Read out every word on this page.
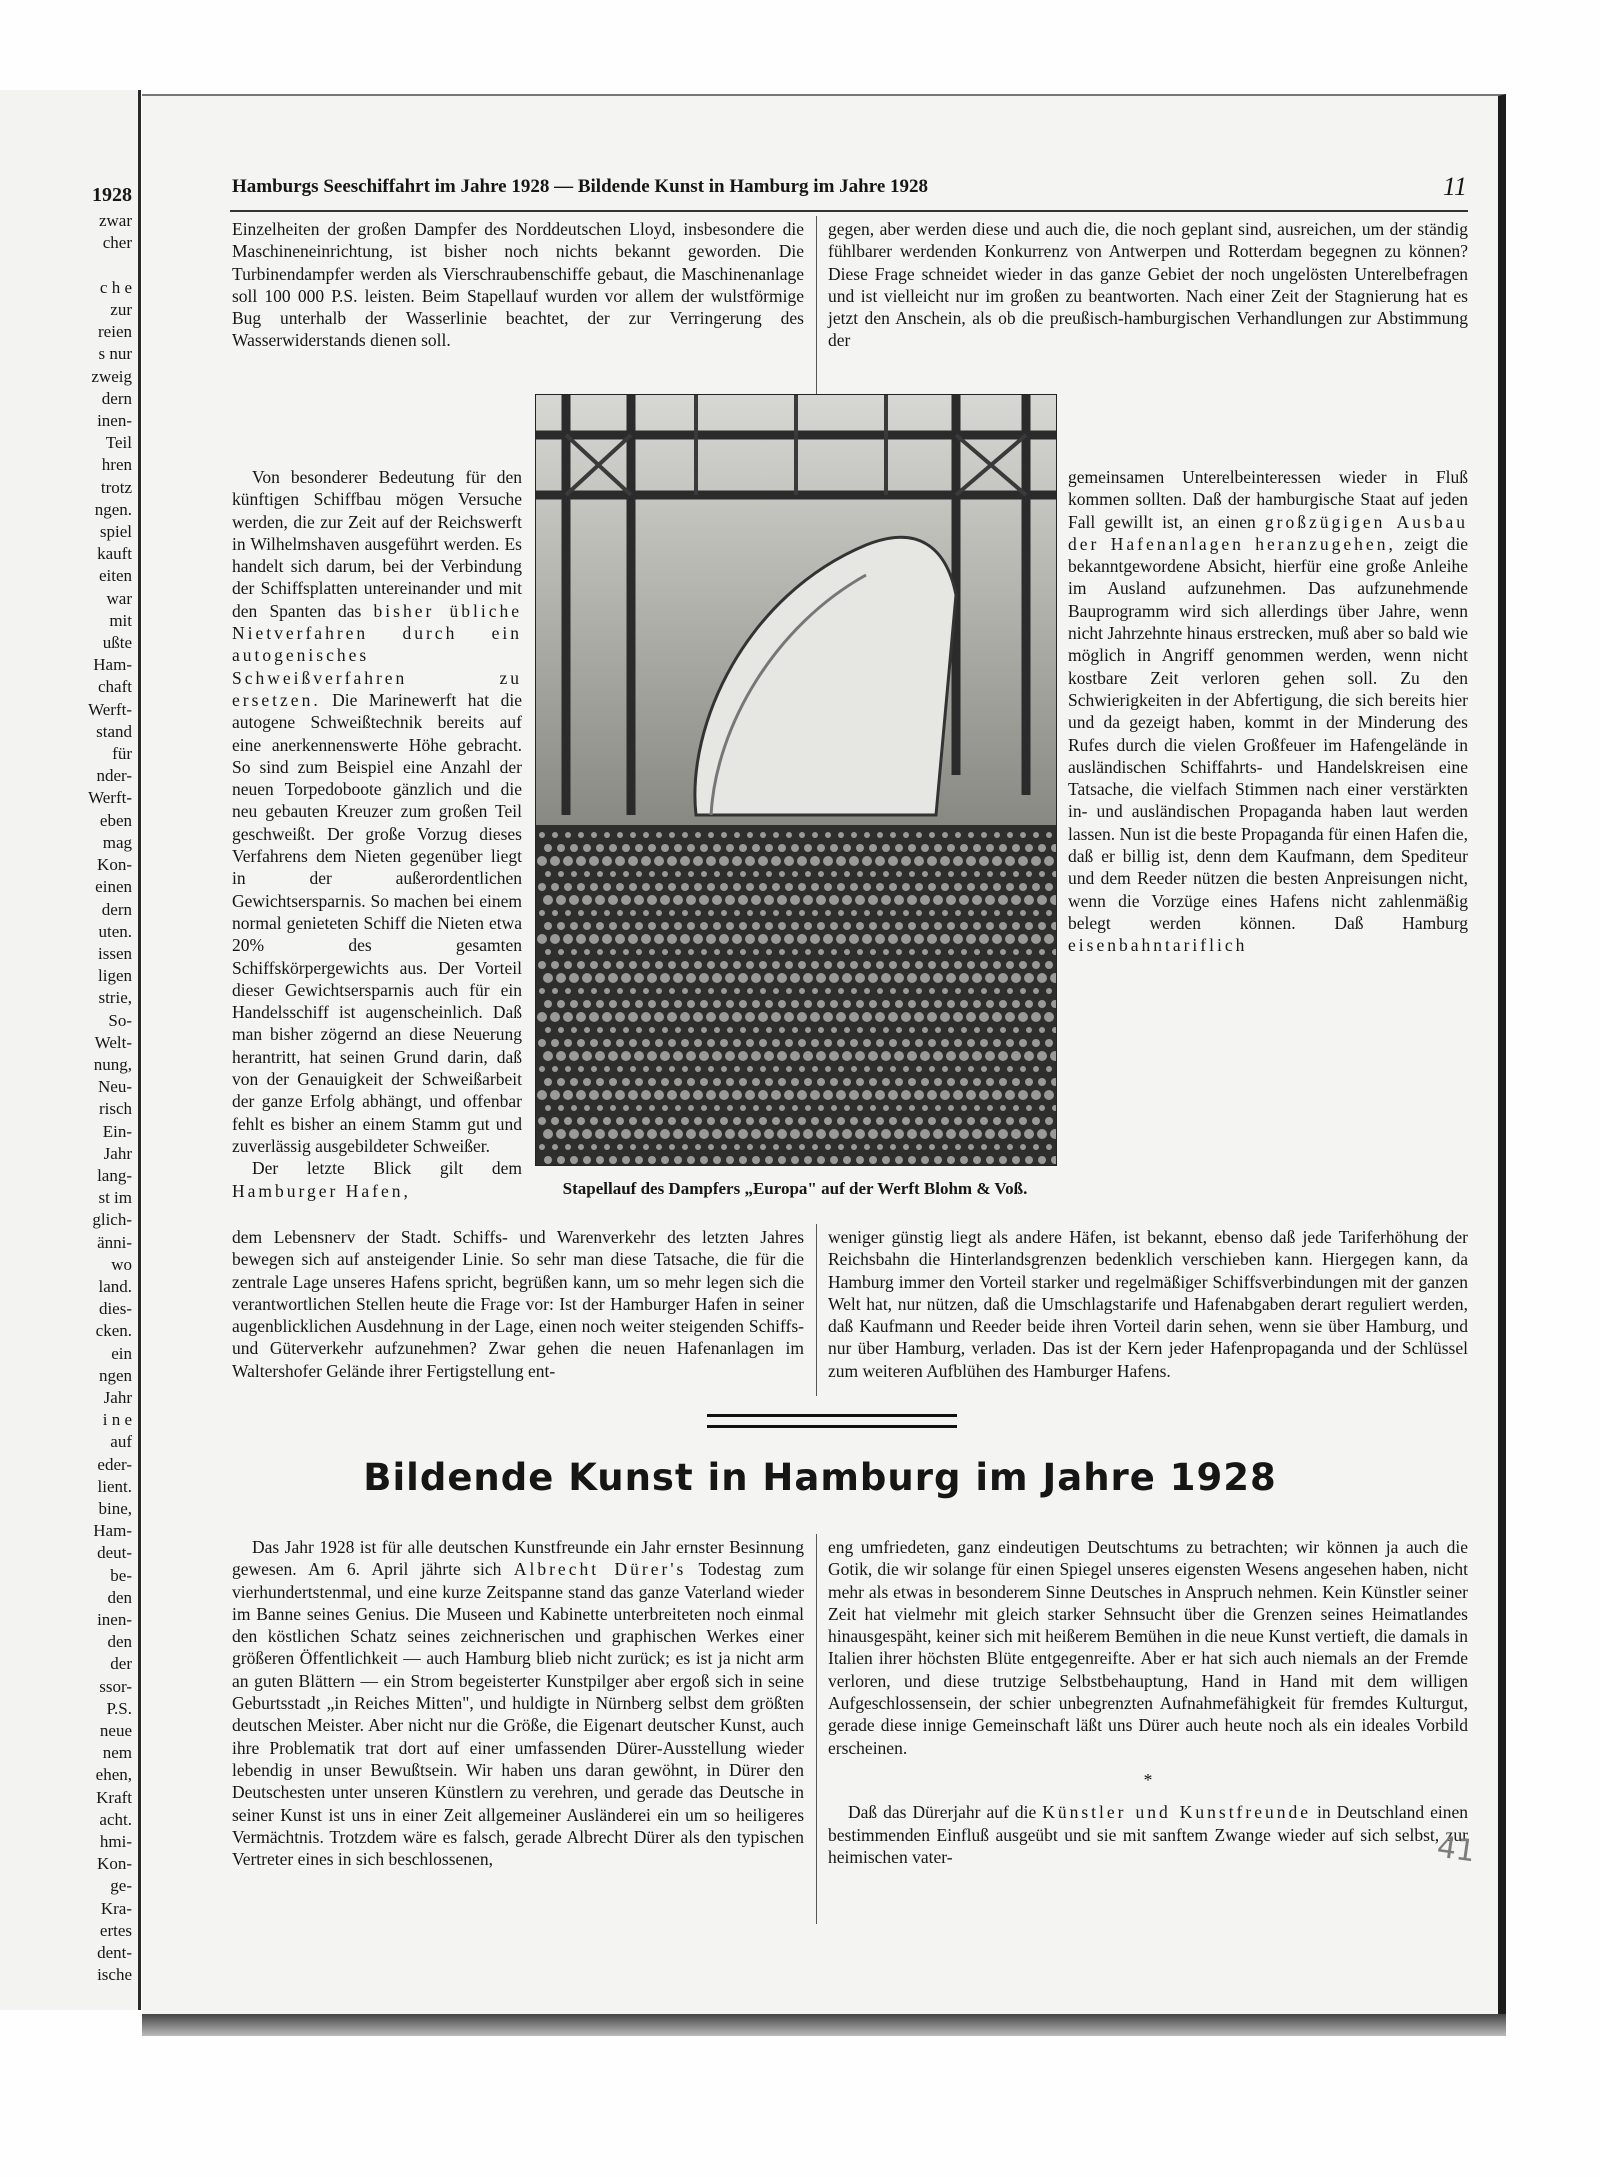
1928
zwar
cher

c h e
zur
reien
s nur
zweig
dern
inen-
Teil
hren
trotz
ngen.
spiel
kauft
eiten
war
mit
ußte
Ham-
chaft
Werft-
stand
für
nder-
Werft-
eben
mag
Kon-
einen
dern
uten.
issen
ligen
strie,
So-
Welt-
nung,
Neu-
risch
Ein-
Jahr
lang-
st im
glich-
änni-
wo
land.
dies-
cken.
ein
ngen
Jahr
i n e
auf
eder-
lient.
bine,
Ham-
deut-
be-
den
inen-
den
der
ssor-
P.S.
neue
nem
ehen,
Kraft
acht.
hmi-
Kon-
ge-
Kra-
ertes
dent-
ische
Hamburgs Seeschiffahrt im Jahre 1928 — Bildende Kunst in Hamburg im Jahre 1928	11

Einzelheiten der großen Dampfer des Norddeutschen Lloyd, insbesondere die Maschineneinrichtung, ist bisher noch nichts bekannt geworden. Die Turbinendampfer werden als Vierschraubenschiffe gebaut, die Maschinenanlage soll 100 000 P.S. leisten. Beim Stapellauf wurden vor allem der wulstförmige Bug unterhalb der Wasserlinie beachtet, der zur Verringerung des Wasserwiderstands dienen soll.

gegen, aber werden diese und auch die, die noch geplant sind, ausreichen, um der ständig fühlbarer werdenden Konkurrenz von Antwerpen und Rotterdam begegnen zu können? Diese Frage schneidet wieder in das ganze Gebiet der noch ungelösten Unterelbefragen und ist vielleicht nur im großen zu beantworten. Nach einer Zeit der Stagnierung hat es jetzt den Anschein, als ob die preußisch-hamburgischen Verhandlungen zur Abstimmung der

Von besonderer Bedeutung für den künftigen Schiffbau mögen Versuche werden, die zur Zeit auf der Reichswerft in Wilhelmshaven ausgeführt werden. Es handelt sich darum, bei der Verbindung der Schiffsplatten untereinander und mit den Spanten das bisher übliche Nietverfahren durch ein autogenisches Schweißverfahren zu ersetzen. Die Marinewerft hat die autogene Schweißtechnik bereits auf eine anerkennenswerte Höhe gebracht. So sind zum Beispiel eine Anzahl der neuen Torpedoboote gänzlich und die neu gebauten Kreuzer zum großen Teil geschweißt. Der große Vorzug dieses Verfahrens dem Nieten gegenüber liegt in der außerordentlichen Gewichtsersparnis. So machen bei einem normal genieteten Schiff die Nieten etwa 20% des gesamten Schiffskörpergewichts aus. Der Vorteil dieser Gewichtsersparnis auch für ein Handelsschiff ist augenscheinlich. Daß man bisher zögernd an diese Neuerung herantritt, hat seinen Grund darin, daß von der Genauigkeit der Schweißarbeit der ganze Erfolg abhängt, und offenbar fehlt es bisher an einem Stamm gut und zuverlässig ausgebildeter Schweißer.

Der letzte Blick gilt dem Hamburger Hafen,	Stapellauf des Dampfers „Europa" auf der Werft Blohm & Voß.

gemeinsamen Unterelbeinteressen wieder in Fluß kommen sollten. Daß der hamburgische Staat auf jeden Fall gewillt ist, an einen großzügigen Ausbau der Hafenanlagen heranzugehen, zeigt die bekanntgewordene Absicht, hierfür eine große Anleihe im Ausland aufzunehmen. Das aufzunehmende Bauprogramm wird sich allerdings über Jahre, wenn nicht Jahrzehnte hinaus erstrecken, muß aber so bald wie möglich in Angriff genommen werden, wenn nicht kostbare Zeit verloren gehen soll. Zu den Schwierigkeiten in der Abfertigung, die sich bereits hier und da gezeigt haben, kommt in der Minderung des Rufes durch die vielen Großfeuer im Hafengelände in ausländischen Schiffahrts- und Handelskreisen eine Tatsache, die vielfach Stimmen nach einer verstärkten in- und ausländischen Propaganda haben laut werden lassen. Nun ist die beste Propaganda für einen Hafen die, daß er billig ist, denn dem Kaufmann, dem Spediteur und dem Reeder nützen die besten Anpreisungen nicht, wenn die Vorzüge eines Hafens nicht zahlenmäßig belegt werden können. Daß Hamburg eisenbahntariflich

dem Lebensnerv der Stadt. Schiffs- und Warenverkehr des letzten Jahres bewegen sich auf ansteigender Linie. So sehr man diese Tatsache, die für die zentrale Lage unseres Hafens spricht, begrüßen kann, um so mehr legen sich die verantwortlichen Stellen heute die Frage vor: Ist der Hamburger Hafen in seiner augenblicklichen Ausdehnung in der Lage, einen noch weiter steigenden Schiffs- und Güterverkehr aufzunehmen? Zwar gehen die neuen Hafenanlagen im Waltershofer Gelände ihrer Fertigstellung ent-

weniger günstig liegt als andere Häfen, ist bekannt, ebenso daß jede Tariferhöhung der Reichsbahn die Hinterlandsgrenzen bedenklich verschieben kann. Hiergegen kann, da Hamburg immer den Vorteil starker und regelmäßiger Schiffsverbindungen mit der ganzen Welt hat, nur nützen, daß die Umschlagstarife und Hafenabgaben derart reguliert werden, daß Kaufmann und Reeder beide ihren Vorteil darin sehen, wenn sie über Hamburg, und nur über Hamburg, verladen. Das ist der Kern jeder Hafenpropaganda und der Schlüssel zum weiteren Aufblühen des Hamburger Hafens.

Bildende Kunst in Hamburg im Jahre 1928

Das Jahr 1928 ist für alle deutschen Kunstfreunde ein Jahr ernster Besinnung gewesen. Am 6. April jährte sich Albrecht Dürer's Todestag zum vierhundertstenmal, und eine kurze Zeitspanne stand das ganze Vaterland wieder im Banne seines Genius. Die Museen und Kabinette unterbreiteten noch einmal den köstlichen Schatz seines zeichnerischen und graphischen Werkes einer größeren Öffentlichkeit — auch Hamburg blieb nicht zurück; es ist ja nicht arm an guten Blättern — ein Strom begeisterter Kunstpilger aber ergoß sich in seine Geburtsstadt „in Reiches Mitten", und huldigte in Nürnberg selbst dem größten deutschen Meister. Aber nicht nur die Größe, die Eigenart deutscher Kunst, auch ihre Problematik trat dort auf einer umfassenden Dürer-Ausstellung wieder lebendig in unser Bewußtsein. Wir haben uns daran gewöhnt, in Dürer den Deutschesten unter unseren Künstlern zu verehren, und gerade das Deutsche in seiner Kunst ist uns in einer Zeit allgemeiner Ausländerei ein um so heiligeres Vermächtnis. Trotzdem wäre es falsch, gerade Albrecht Dürer als den typischen Vertreter eines in sich beschlossenen,

eng umfriedeten, ganz eindeutigen Deutschtums zu betrachten; wir können ja auch die Gotik, die wir solange für einen Spiegel unseres eigensten Wesens angesehen haben, nicht mehr als etwas in besonderem Sinne Deutsches in Anspruch nehmen. Kein Künstler seiner Zeit hat vielmehr mit gleich starker Sehnsucht über die Grenzen seines Heimatlandes hinausgespäht, keiner sich mit heißerem Bemühen in die neue Kunst vertieft, die damals in Italien ihrer höchsten Blüte entgegenreifte. Aber er hat sich auch niemals an der Fremde verloren, und diese trutzige Selbstbehauptung, Hand in Hand mit dem willigen Aufgeschlossensein, der schier unbegrenzten Aufnahmefähigkeit für fremdes Kulturgut, gerade diese innige Gemeinschaft läßt uns Dürer auch heute noch als ein ideales Vorbild erscheinen.

*

Daß das Dürerjahr auf die Künstler und Kunstfreunde in Deutschland einen bestimmenden Einfluß ausgeübt und sie mit sanftem Zwange wieder auf sich selbst, zur heimischen vater-	41
